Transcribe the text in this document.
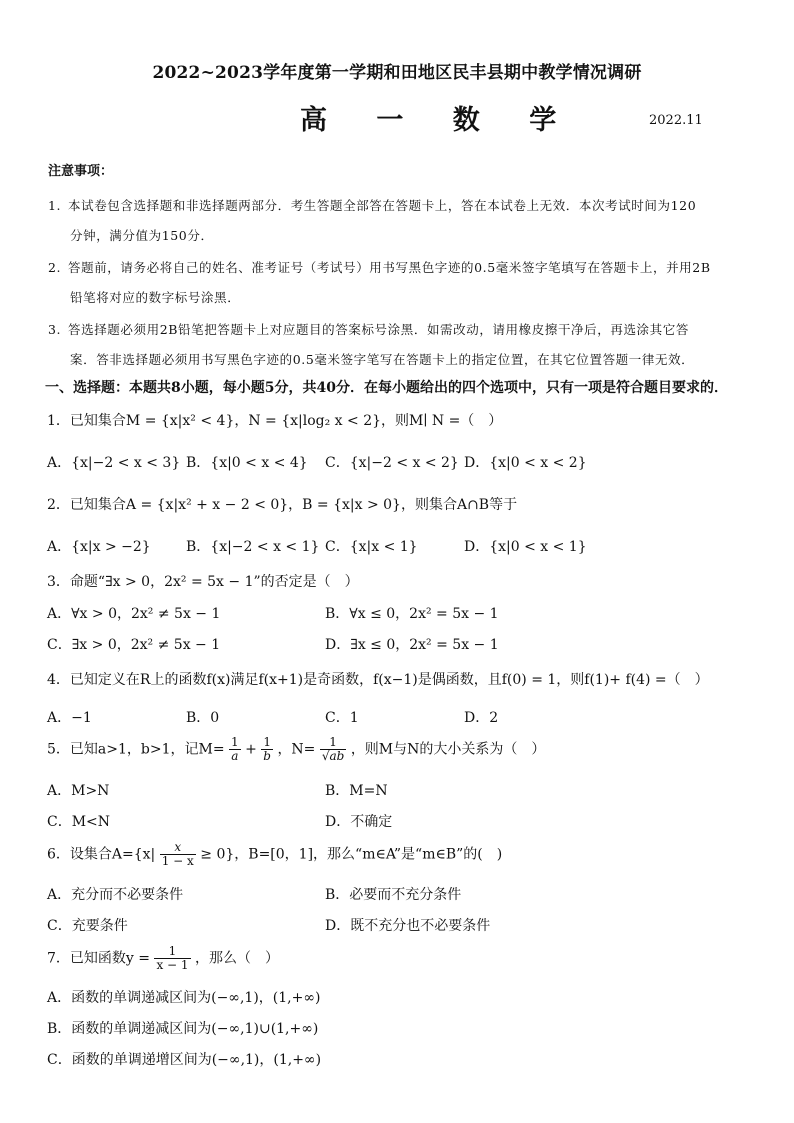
2022~2023学年度第一学期和田地区民丰县期中教学情况调研
高 一 数 学	2022.11
注意事项：
1. 本试卷包含选择题和非选择题两部分．考生答题全部答在答题卡上，答在本试卷上无效．本次考试时间为120
分钟，满分值为150分．
2. 答题前，请务必将自己的姓名、准考证号（考试号）用书写黑色字迹的0.5毫米签字笔填写在答题卡上，并用2B
铅笔将对应的数字标号涂黑．
3. 答选择题必须用2B铅笔把答题卡上对应题目的答案标号涂黑．如需改动，请用橡皮擦干净后，再选涂其它答
案．答非选择题必须用书写黑色字迹的0.5毫米签字笔写在答题卡上的指定位置，在其它位置答题一律无效．
一、选择题：本题共8小题，每小题5分，共40分．在每小题给出的四个选项中，只有一项是符合题目要求的．
1．已知集合M = {x|x² < 4}，N = {x|log₂ x < 2}，则M∣ N =（　）
A．{x|−2 < x < 3} B．{x|0 < x < 4} C．{x|−2 < x < 2} D．{x|0 < x < 2}
2．已知集合A = {x|x² + x − 2 < 0}，B = {x|x > 0}，则集合A∩B等于
A．{x|x > −2}	B．{x|−2 < x < 1} C．{x|x < 1}	D．{x|0 < x < 1}
3．命题“∃x > 0，2x² = 5x − 1”的否定是（　）
A．∀x > 0，2x² ≠ 5x − 1	B．∀x ≤ 0，2x² = 5x − 1
C．∃x > 0，2x² ≠ 5x − 1	D．∃x ≤ 0，2x² = 5x − 1
4．已知定义在R上的函数f(x)满足f(x+1)是奇函数，f(x−1)是偶函数，且f(0) = 1，则f(1)+ f(4) =（　）
A．−1	B．0	C．1	D．2
5．已知a>1，b>1，记$M= \frac{1}{a} + \frac{1}{b}$ ，$N= \frac{1}{√ab}$ ，则M与N的大小关系为（　）
A．M>N	B．M=N
C．M<N	D．不确定
6．设集合$A=\{x| \frac{x}{1 - x} \ge 0\}$，B=[0，1]，那么“m∈A”是“m∈B”的(　)
A．充分而不必要条件	B．必要而不充分条件
C．充要条件	D．既不充分也不必要条件
7．已知函数$y = \frac{1}{x - 1}$ ，那么（　）
A．函数的单调递减区间为(−∞,1)，(1,+∞)
B．函数的单调递减区间为(−∞,1)∪(1,+∞)
C．函数的单调递增区间为(−∞,1)，(1,+∞)
